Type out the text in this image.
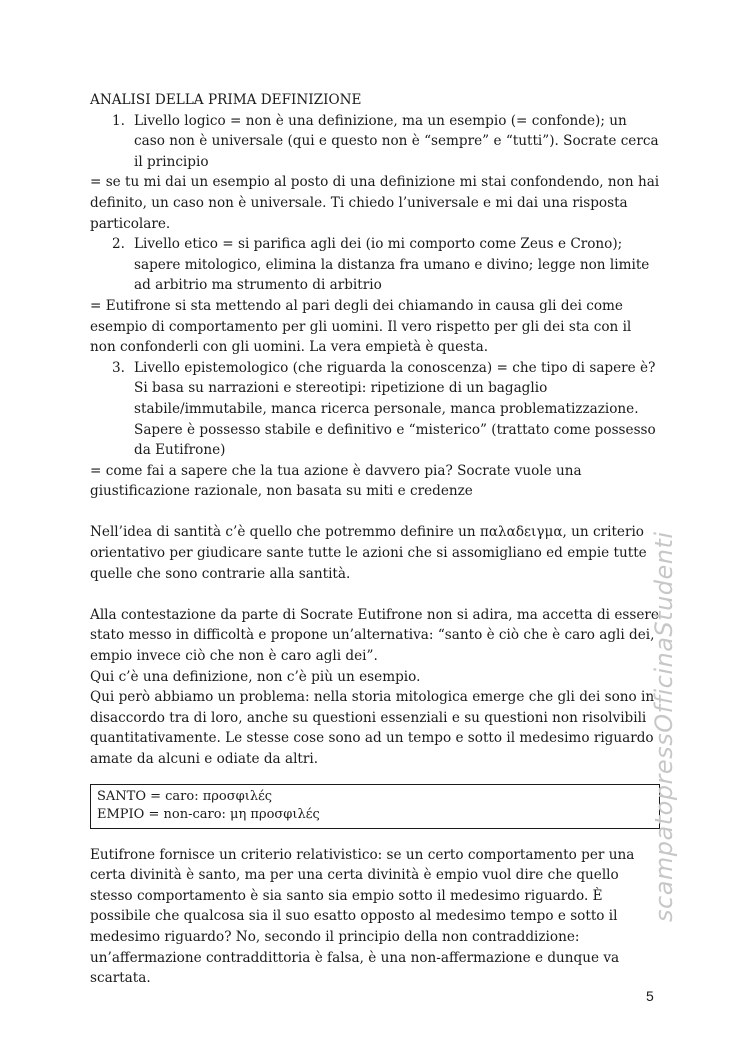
ANALISI DELLA PRIMA DEFINIZIONE
1. Livello logico = non è una definizione, ma un esempio (= confonde); un caso non è universale (qui e questo non è “sempre” e “tutti”). Socrate cerca il principio
= se tu mi dai un esempio al posto di una definizione mi stai confondendo, non hai definito, un caso non è universale. Ti chiedo l’universale e mi dai una risposta particolare.
2. Livello etico = si parifica agli dei (io mi comporto come Zeus e Crono); sapere mitologico, elimina la distanza fra umano e divino; legge non limite ad arbitrio ma strumento di arbitrio
= Eutifrone si sta mettendo al pari degli dei chiamando in causa gli dei come esempio di comportamento per gli uomini. Il vero rispetto per gli dei sta con il non confonderli con gli uomini. La vera empietà è questa.
3. Livello epistemologico (che riguarda la conoscenza) = che tipo di sapere è? Si basa su narrazioni e stereotipi: ripetizione di un bagaglio stabile/immutabile, manca ricerca personale, manca problematizzazione. Sapere è possesso stabile e definitivo e “misterico” (trattato come possesso da Eutifrone)
= come fai a sapere che la tua azione è davvero pia? Socrate vuole una giustificazione razionale, non basata su miti e credenze
Nell’idea di santità c’è quello che potremmo definire un παλαδειγμα, un criterio orientativo per giudicare sante tutte le azioni che si assomigliano ed empie tutte quelle che sono contrarie alla santità.
Alla contestazione da parte di Socrate Eutifrone non si adira, ma accetta di essere stato messo in difficoltà e propone un’alternativa: “santo è ciò che è caro agli dei, empio invece ciò che non è caro agli dei”.
Qui c’è una definizione, non c’è più un esempio.
Qui però abbiamo un problema: nella storia mitologica emerge che gli dei sono in disaccordo tra di loro, anche su questioni essenziali e su questioni non risolvibili quantitativamente. Le stesse cose sono ad un tempo e sotto il medesimo riguardo amate da alcuni e odiate da altri.
SANTO = caro: προσφιλές
EMPIO = non-caro: μη προσφιλές
Eutifrone fornisce un criterio relativistico: se un certo comportamento per una certa divinità è santo, ma per una certa divinità è empio vuol dire che quello stesso comportamento è sia santo sia empio sotto il medesimo riguardo. È possibile che qualcosa sia il suo esatto opposto al medesimo tempo e sotto il medesimo riguardo? No, secondo il principio della non contraddizione: un’affermazione contraddittoria è falsa, è una non-affermazione e dunque va scartata.
scampatopressOfficinaStudenti
5
